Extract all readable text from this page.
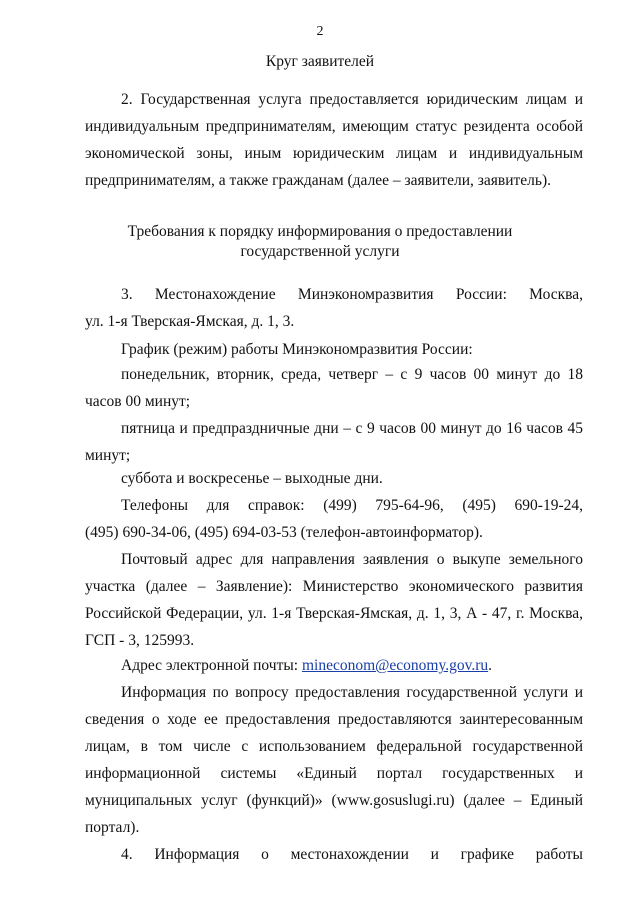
2
Круг заявителей
2. Государственная услуга предоставляется юридическим лицам и индивидуальным предпринимателям, имеющим статус резидента особой экономической зоны, иным юридическим лицам и индивидуальным предпринимателям, а также гражданам (далее – заявители, заявитель).
Требования к порядку информирования о предоставлении
государственной услуги
3. Местонахождение Минэкономразвития России: Москва,
ул. 1-я Тверская-Ямская, д. 1, 3.
График (режим) работы Минэкономразвития России:
понедельник, вторник, среда, четверг – с 9 часов 00 минут до 18 часов 00 минут;
пятница и предпраздничные дни – с 9 часов 00 минут до 16 часов 45 минут;
суббота и воскресенье – выходные дни.
Телефоны для справок: (499) 795-64-96, (495) 690-19-24,
(495) 690-34-06, (495) 694-03-53 (телефон-автоинформатор).
Почтовый адрес для направления заявления о выкупе земельного участка (далее – Заявление): Министерство экономического развития Российской Федерации, ул. 1-я Тверская-Ямская, д. 1, 3, А - 47, г. Москва, ГСП - 3, 125993.
Адрес электронной почты: mineconom@economy.gov.ru.
Информация по вопросу предоставления государственной услуги и сведения о ходе ее предоставления предоставляются заинтересованным лицам, в том числе с использованием федеральной государственной информационной системы «Единый портал государственных и муниципальных услуг (функций)» (www.gosuslugi.ru) (далее – Единый портал).
4. Информация о местонахождении и графике работы
